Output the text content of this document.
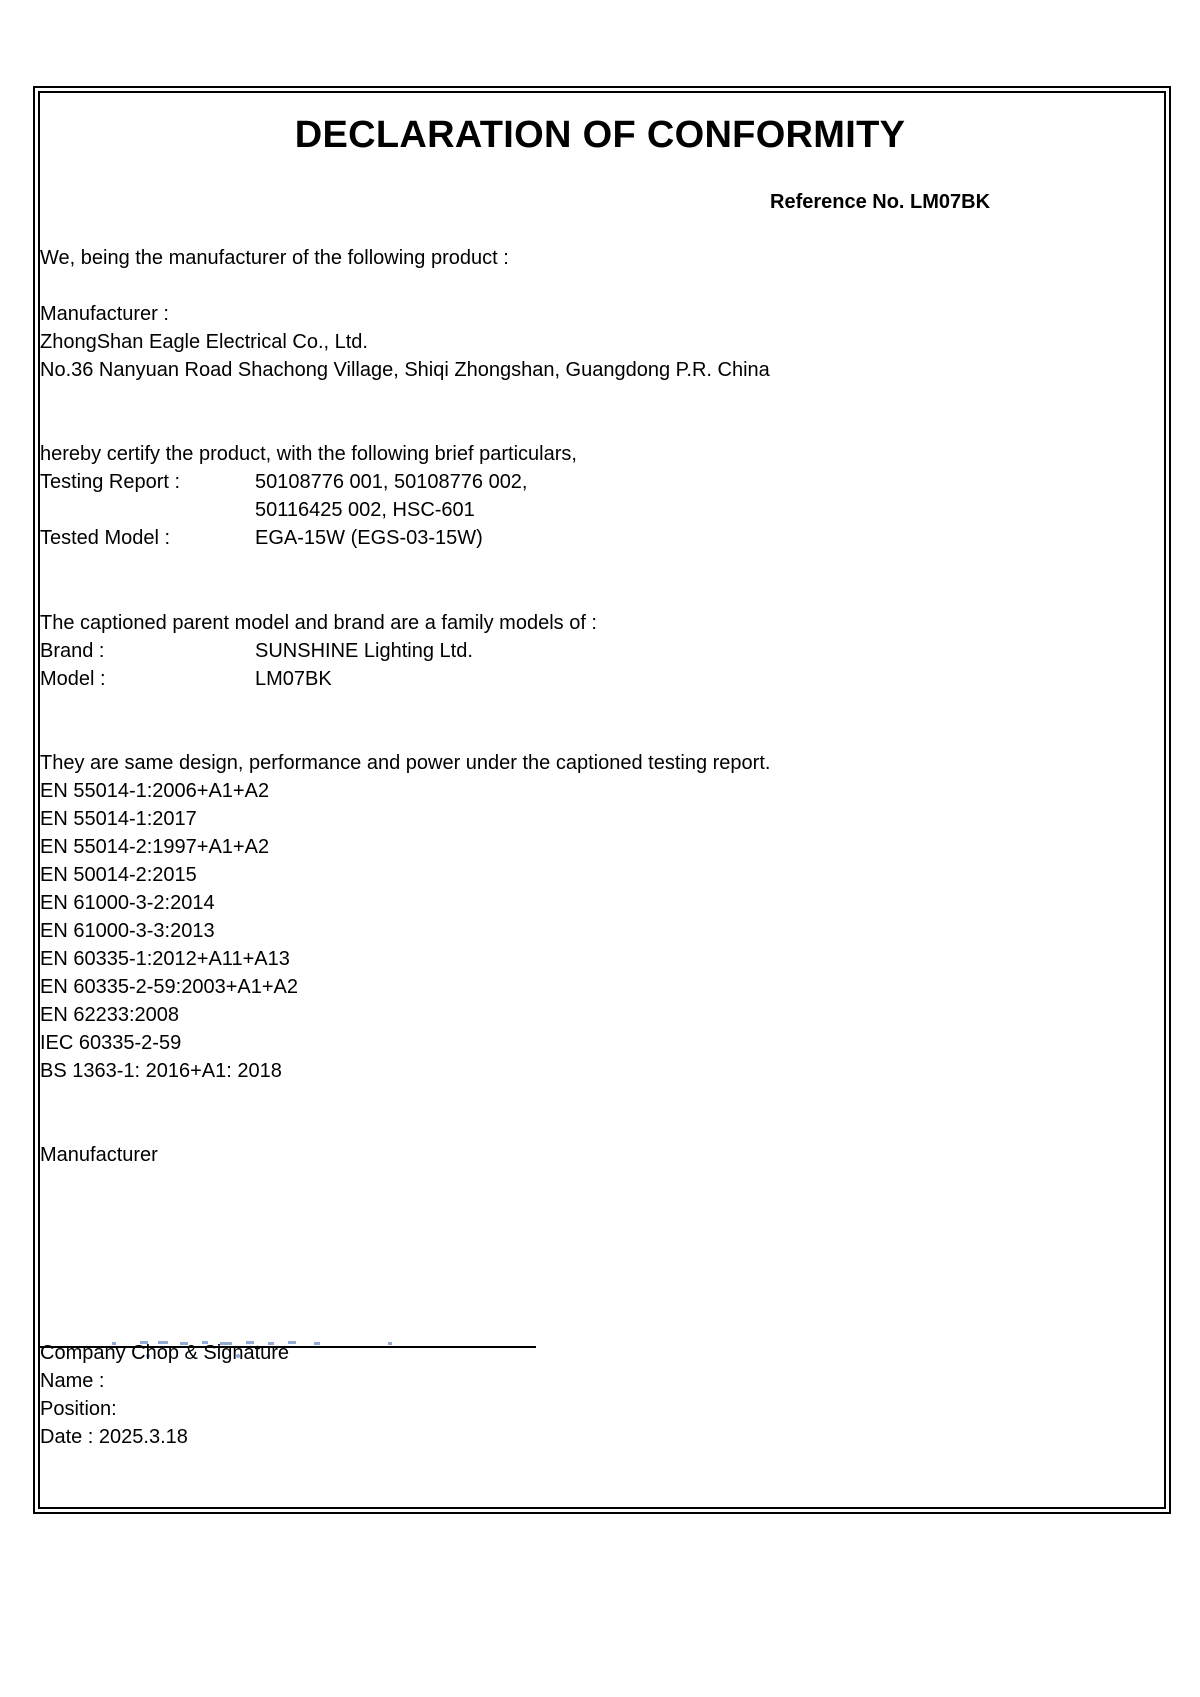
DECLARATION OF CONFORMITY
Reference No. LM07BK
We, being the manufacturer of the following product :
Manufacturer :
ZhongShan Eagle Electrical Co., Ltd.
No.36 Nanyuan Road Shachong Village, Shiqi Zhongshan, Guangdong P.R. China
hereby certify the product, with the following brief particulars,
Testing Report :	50108776 001, 50108776 002,
50116425 002, HSC-601
Tested Model :	EGA-15W (EGS-03-15W)
The captioned parent model and brand are a family models of :
Brand :	SUNSHINE Lighting Ltd.
Model :	LM07BK
They are same design, performance and power under the captioned testing report.
EN 55014-1:2006+A1+A2
EN 55014-1:2017
EN 55014-2:1997+A1+A2
EN 50014-2:2015
EN 61000-3-2:2014
EN 61000-3-3:2013
EN 60335-1:2012+A11+A13
EN 60335-2-59:2003+A1+A2
EN 62233:2008
IEC 60335-2-59
BS 1363-1: 2016+A1: 2018
Manufacturer
Company Chop & Signature
Name :
Position:
Date : 2025.3.18
